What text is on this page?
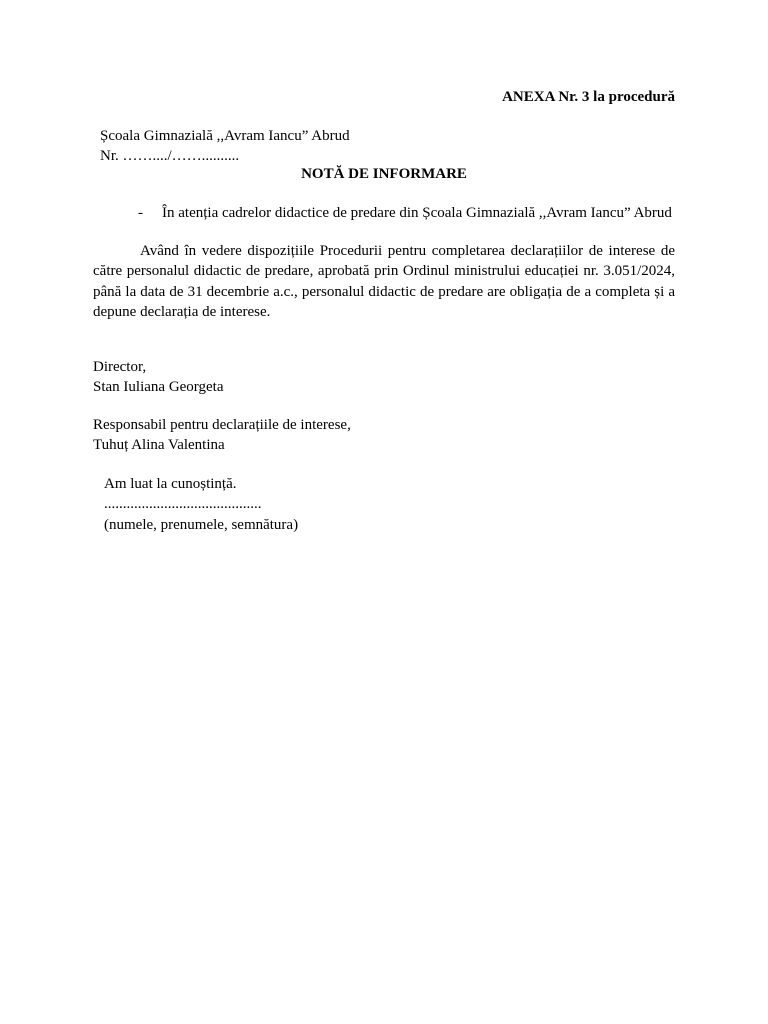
ANEXA Nr. 3 la procedură
Școala Gimnazială ,,Avram Iancu” Abrud
Nr. ……..../……..........
NOTĂ DE INFORMARE
- În atenția cadrelor didactice de predare din Școala Gimnazială ,,Avram Iancu” Abrud
Având în vedere dispozițiile Procedurii pentru completarea declarațiilor de interese de către personalul didactic de predare, aprobată prin Ordinul ministrului educației nr. 3.051/2024, până la data de 31 decembrie a.c., personalul didactic de predare are obligația de a completa și a depune declarația de interese.
Director,
Stan Iuliana Georgeta
Responsabil pentru declarațiile de interese,
Tuhuț Alina Valentina
Am luat la cunoștință.
..........................................
(numele, prenumele, semnătura)
